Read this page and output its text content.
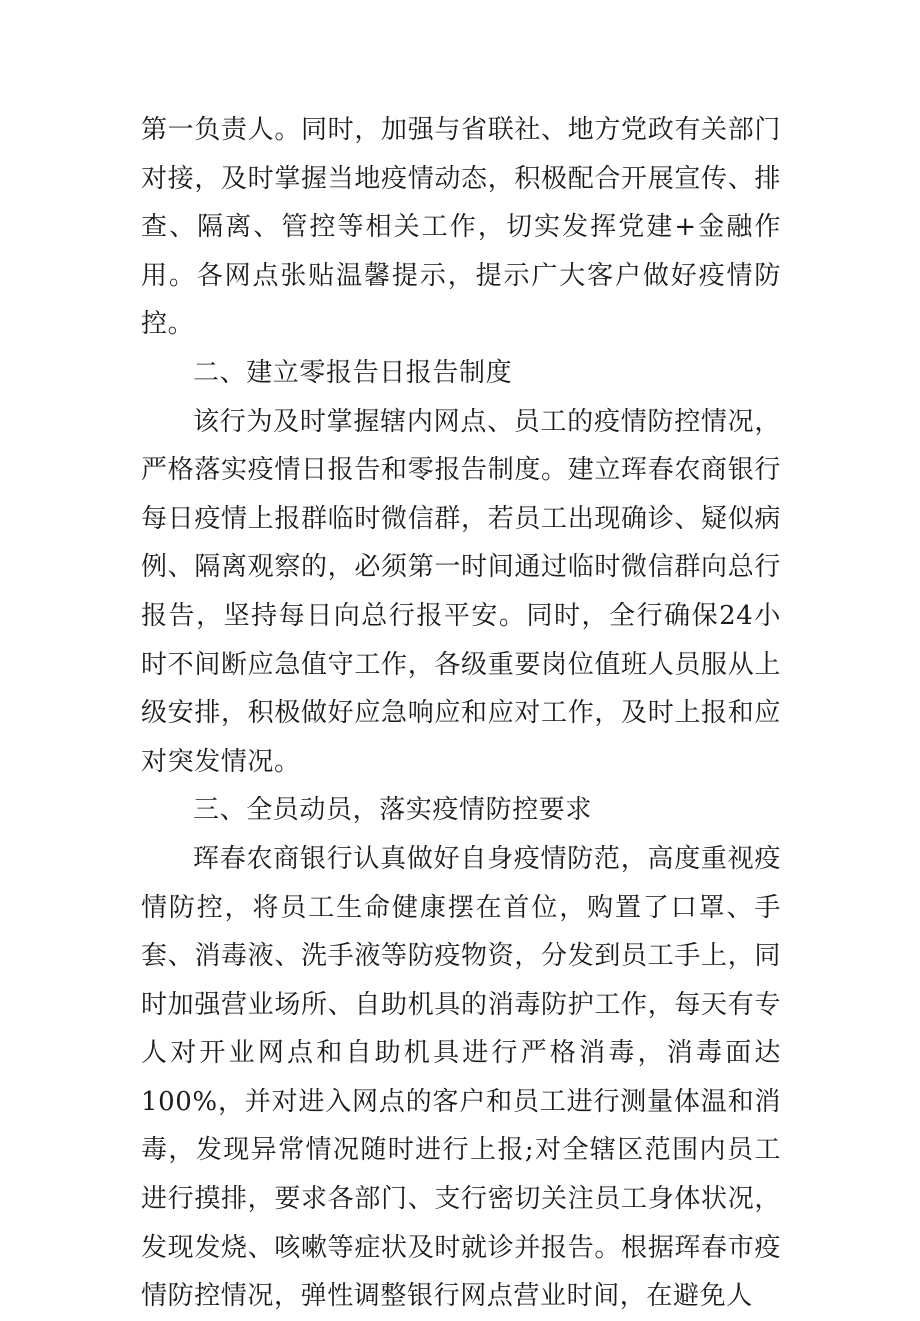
第一负责人。同时，加强与省联社、地方党政有关部门对接，及时掌握当地疫情动态，积极配合开展宣传、排查、隔离、管控等相关工作，切实发挥党建+金融作用。各网点张贴温馨提示，提示广大客户做好疫情防控。

二、建立零报告日报告制度

该行为及时掌握辖内网点、员工的疫情防控情况，严格落实疫情日报告和零报告制度。建立珲春农商银行每日疫情上报群临时微信群，若员工出现确诊、疑似病例、隔离观察的，必须第一时间通过临时微信群向总行报告，坚持每日向总行报平安。同时，全行确保24小时不间断应急值守工作，各级重要岗位值班人员服从上级安排，积极做好应急响应和应对工作，及时上报和应对突发情况。

三、全员动员，落实疫情防控要求

珲春农商银行认真做好自身疫情防范，高度重视疫情防控，将员工生命健康摆在首位，购置了口罩、手套、消毒液、洗手液等防疫物资，分发到员工手上，同时加强营业场所、自助机具的消毒防护工作，每天有专人对开业网点和自助机具进行严格消毒，消毒面达100%，并对进入网点的客户和员工进行测量体温和消毒，发现异常情况随时进行上报;对全辖区范围内员工进行摸排，要求各部门、支行密切关注员工身体状况，发现发烧、咳嗽等症状及时就诊并报告。根据珲春市疫情防控情况，弹性调整银行网点营业时间，在避免人
